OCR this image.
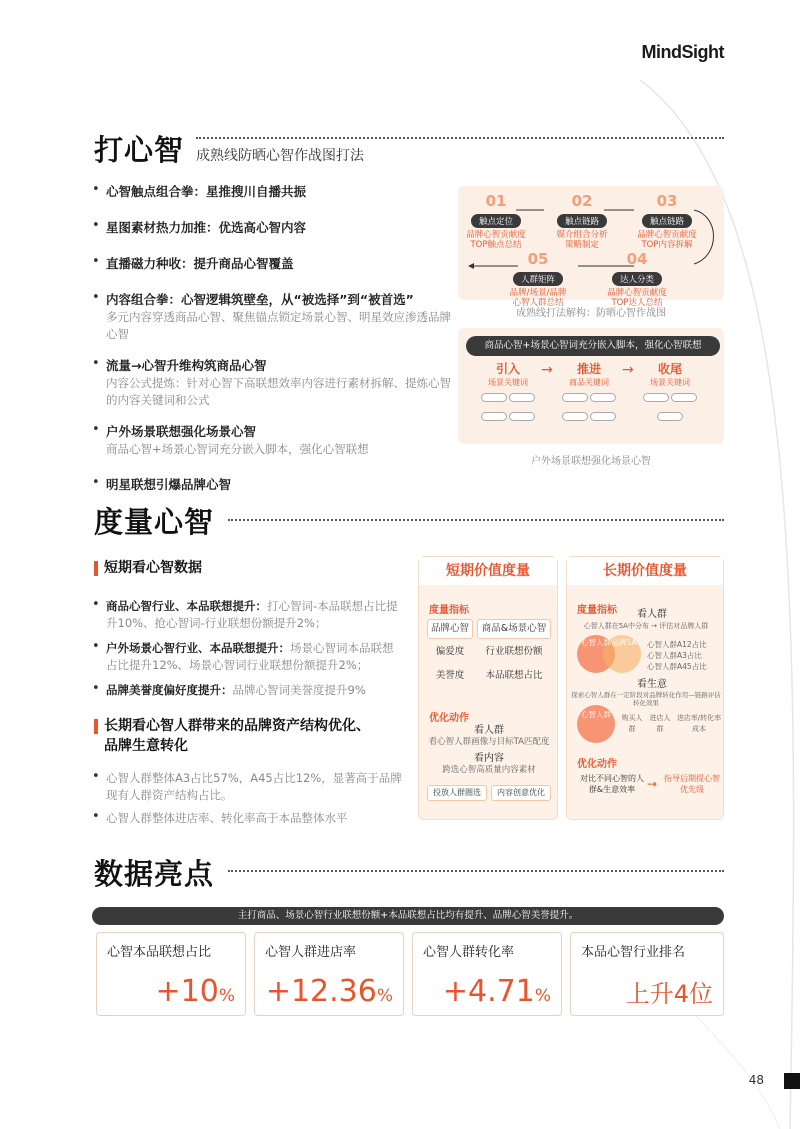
MindSight
打心智 成熟线防晒心智作战图打法
• 心智触点组合拳：星推搜川自播共振
• 星图素材热力加推：优选高心智内容
• 直播磁力种收：提升商品心智覆盖
• 内容组合拳：心智逻辑筑壁垒，从“被选择”到“被首选”
多元内容穿透商品心智、聚焦锚点锁定场景心智、明星效应渗透品牌心智
• 流量→心智升维构筑商品心智
内容公式提炼：针对心智下高联想效率内容进行素材拆解、提炼心智的内容关键词和公式
• 户外场景联想强化场景心智
商品心智+场景心智词充分嵌入脚本，强化心智联想
• 明星联想引爆品牌心智
01
触点定位
品牌心智贡献度
TOP触点总结
02
触点链路
媒介组合分析
策略制定
03
触点链路
品牌心智贡献度
TOP内容拆解
04
达人分类
品牌心智贡献度
TOP达人总结
05
人群矩阵
品牌/场景/品牌
心智人群总结
成熟线打法解构：防晒心智作战图
商品心智+场景心智词充分嵌入脚本，强化心智联想
引入
场景关键词
推进
商品关键词
收尾
场景关键词
→	→
户外场景联想强化场景心智
度量心智
短期看心智数据
• 商品心智行业、本品联想提升：打心智词-本品联想占比提升10%、抢心智词-行业联想份额提升2%；
• 户外场景心智行业、本品联想提升：场景心智词本品联想占比提升12%、场景心智词行业联想份额提升2%；
• 品牌美誉度偏好度提升：品牌心智词美誉度提升9%
长期看心智人群带来的品牌资产结构优化、
品牌生意转化
• 心智人群整体A3占比57%，A45占比12%，显著高于品牌现有人群资产结构占比。
• 心智人群整体进店率、转化率高于本品整体水平
短期价值度量
度量指标
品牌心智	商品&场景心智
偏爱度	行业联想份额
美誉度	本品联想占比
优化动作
看人群
看心智人群画像与目标TA匹配度
看内容
跨选心智高质量内容素材
投放人群圈选	内容创意优化
长期价值度量
度量指标	看人群
心智人群在5A中分布 → 评估对品牌人群
心智人群 品牌5A	心智人群A12占比
心智人群A3占比
心智人群A45占比
看生意
探索心智人群在一定阶段对品牌转化作用—链路评估转化效果
心智人群	购买人群
进店人群
进店率/转化率成本
优化动作
对比不同心智的人群&生意效率 → 指导后期提心智优先级
数据亮点
主打商品、场景心智行业联想份额+本品联想占比均有提升、品牌心智美誉提升。
心智本品联想占比
+10%
心智人群进店率
+12.36%
心智人群转化率
+4.71%
本品心智行业排名
上升4位
48
